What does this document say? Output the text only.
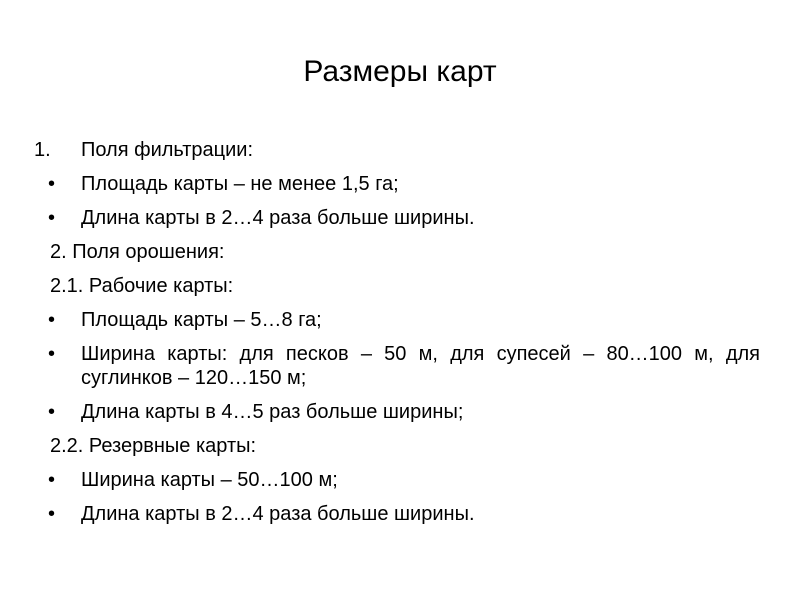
Размеры карт
1. Поля фильтрации:
• Площадь карты – не менее 1,5 га;
• Длина карты в 2…4 раза больше ширины.
2. Поля орошения:
2.1. Рабочие карты:
• Площадь карты – 5…8 га;
• Ширина карты: для песков – 50 м, для супесей – 80…100 м, для суглинков – 120…150 м;
• Длина карты в 4…5 раз больше ширины;
2.2. Резервные карты:
• Ширина карты – 50…100 м;
• Длина карты в 2…4 раза больше ширины.
